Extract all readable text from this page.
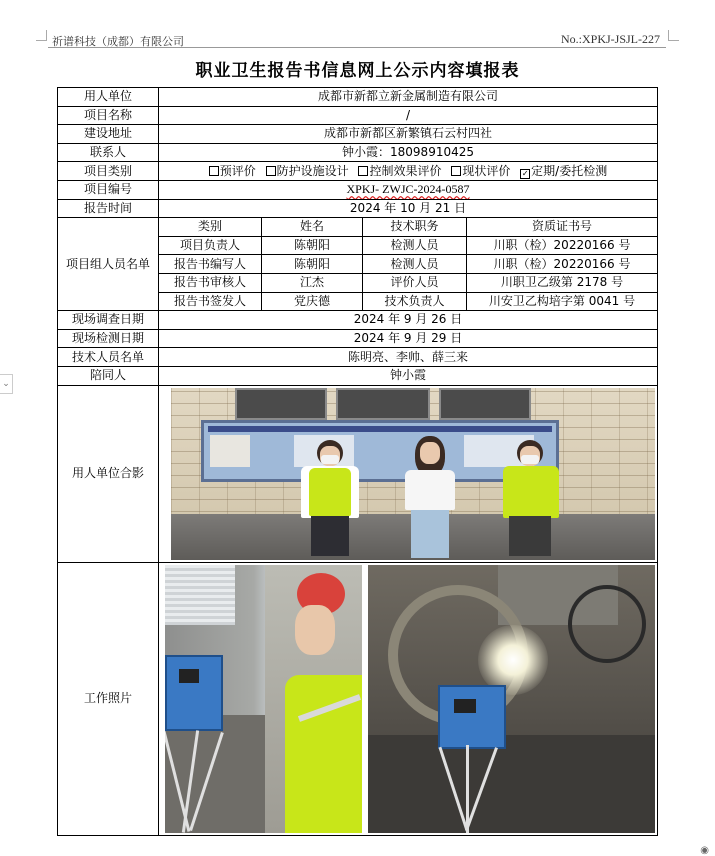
祈谱科技（成都）有限公司	No.:XPKJ-JSJL-227
职业卫生报告书信息网上公示内容填报表
⌄
用人单位	成都市新都立新金属制造有限公司			
项目名称	/			
建设地址	成都市新都区新繁镇石云村四社			
联系人	钟小霞：18098910425			
项目类别	预评价 防护设施设计 控制效果评价 现状评价 ✓ 定期/委托检测			
项目编号	XPKJ- ZWJC-2024-0587			
报告时间	2024 年 10 月 21 日			
项目组人员名单	类别	姓名	技术职务	资质证书号
	项目负责人	陈朝阳	检测人员	川职（检）20220166 号
	报告书编写人	陈朝阳	检测人员	川职（检）20220166 号
	报告书审核人	江杰	评价人员	川职卫乙级第 2178 号
	报告书签发人	党庆德	技术负责人	川安卫乙构培字第 0041 号
现场调查日期	2024 年 9 月 26 日			
现场检测日期	2024 年 9 月 29 日			
技术人员名单	陈明亮、李帅、薛三来			
陪同人	钟小霞			
用人单位合影				

工作照片				
◉
